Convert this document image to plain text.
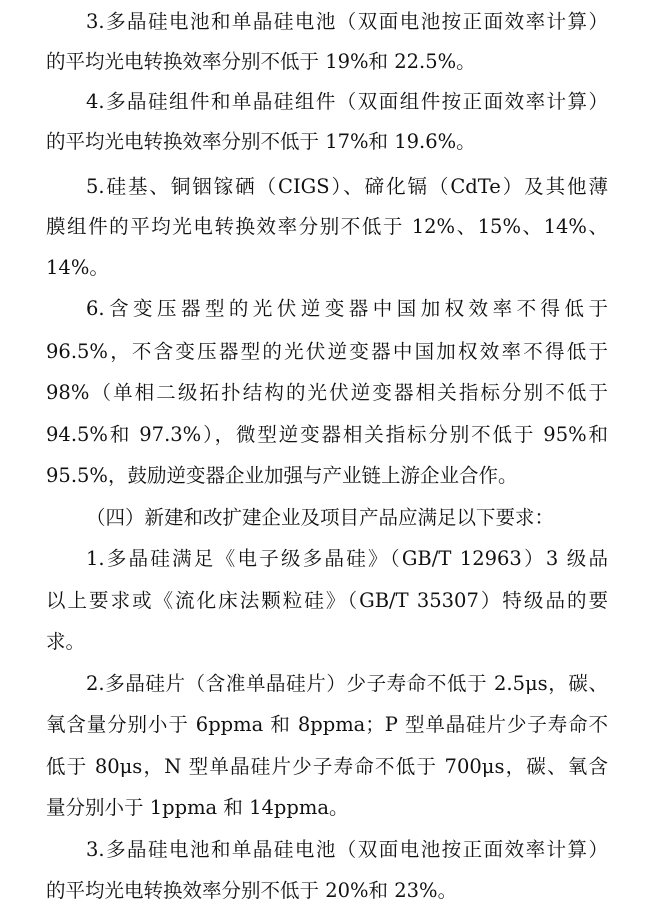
3.多晶硅电池和单晶硅电池（双面电池按正面效率计算）
的平均光电转换效率分别不低于 19%和 22.5%。
4.多晶硅组件和单晶硅组件（双面组件按正面效率计算）
的平均光电转换效率分别不低于 17%和 19.6%。
5.硅基、铜铟镓硒（CIGS）、碲化镉（CdTe）及其他薄
膜组件的平均光电转换效率分别不低于 12%、15%、14%、
14%。
6.含变压器型的光伏逆变器中国加权效率不得低于
96.5%，不含变压器型的光伏逆变器中国加权效率不得低于
98%（单相二级拓扑结构的光伏逆变器相关指标分别不低于
94.5%和 97.3%），微型逆变器相关指标分别不低于 95%和
95.5%，鼓励逆变器企业加强与产业链上游企业合作。
（四）新建和改扩建企业及项目产品应满足以下要求：
1.多晶硅满足《电子级多晶硅》（GB/T 12963）3 级品
以上要求或《流化床法颗粒硅》（GB/T 35307）特级品的要
求。
2.多晶硅片（含准单晶硅片）少子寿命不低于 2.5μs，碳、
氧含量分别小于 6ppma 和 8ppma；P 型单晶硅片少子寿命不
低于 80μs，N 型单晶硅片少子寿命不低于 700μs，碳、氧含
量分别小于 1ppma 和 14ppma。
3.多晶硅电池和单晶硅电池（双面电池按正面效率计算）
的平均光电转换效率分别不低于 20%和 23%。
